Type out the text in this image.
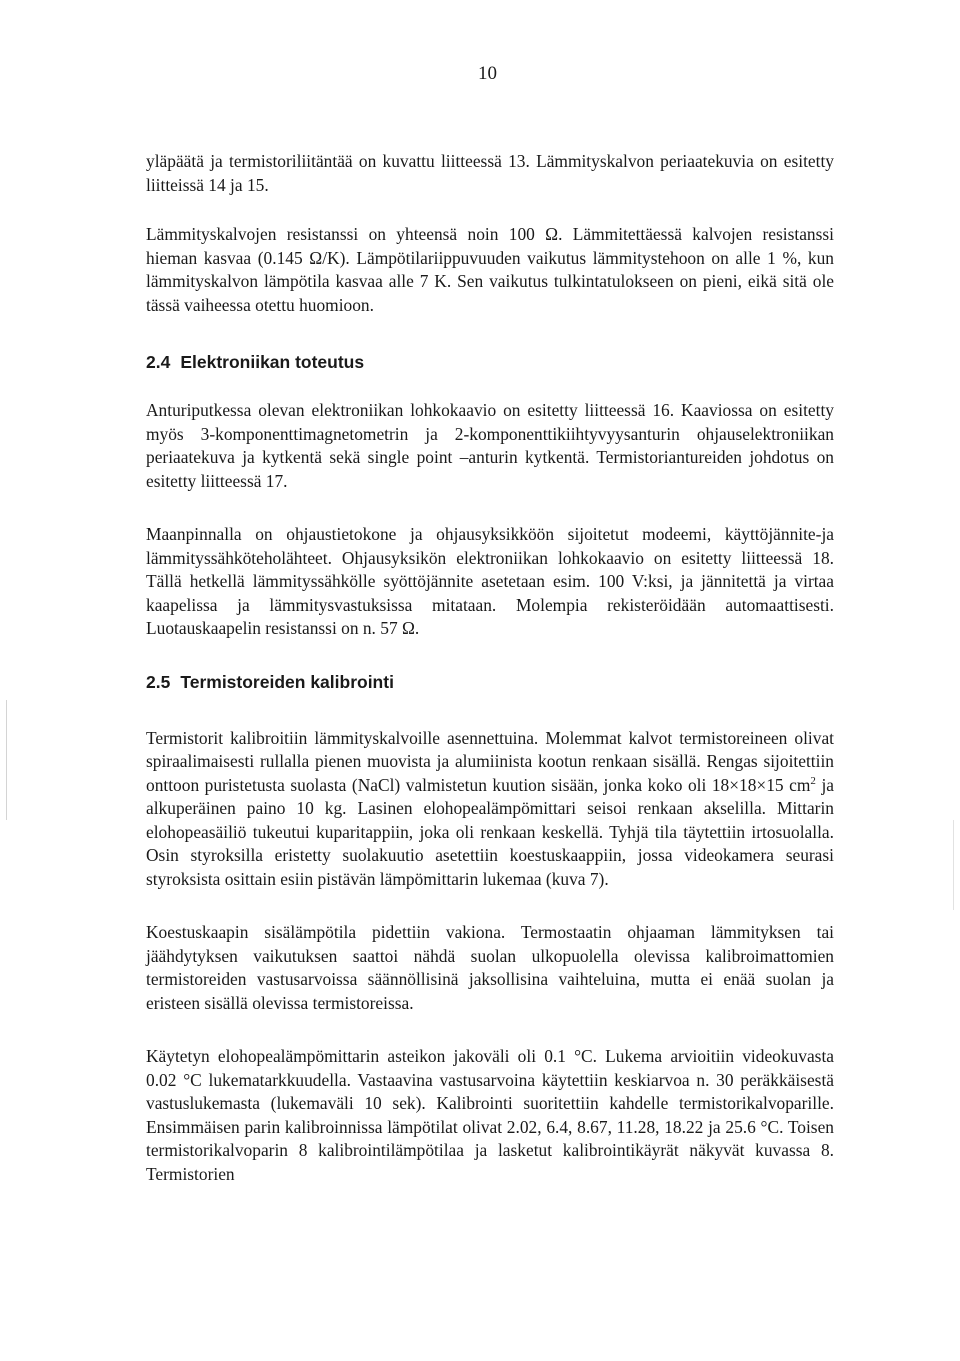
10

yläpäätä ja termistoriliitäntää on kuvattu liitteessä 13. Lämmityskalvon periaatekuvia on esitetty liitteissä 14 ja 15.

Lämmityskalvojen resistanssi on yhteensä noin 100 Ω. Lämmitettäessä kalvojen resistanssi hieman kasvaa (0.145 Ω/K). Lämpötilariippuvuuden vaikutus lämmitystehoon on alle 1 %, kun lämmityskalvon lämpötila kasvaa alle 7 K. Sen vaikutus tulkintatulokseen on pieni, eikä sitä ole tässä vaiheessa otettu huomioon.

2.4 Elektroniikan toteutus

Anturiputkessa olevan elektroniikan lohkokaavio on esitetty liitteessä 16. Kaaviossa on esitetty myös 3-komponenttimagnetometrin ja 2-komponenttikiihtyvyysanturin ohjauselektroniikan periaatekuva ja kytkentä sekä single point –anturin kytkentä. Termistoriantureiden johdotus on esitetty liitteessä 17.

Maanpinnalla on ohjaustietokone ja ohjausyksikköön sijoitetut modeemi, käyttöjännite-ja lämmityssähköteholähteet. Ohjausyksikön elektroniikan lohkokaavio on esitetty liitteessä 18. Tällä hetkellä lämmityssähkölle syöttöjännite asetetaan esim. 100 V:ksi, ja jännitettä ja virtaa kaapelissa ja lämmitysvastuksissa mitataan. Molempia rekisteröidään automaattisesti. Luotauskaapelin resistanssi on n. 57 Ω.

2.5 Termistoreiden kalibrointi

Termistorit kalibroitiin lämmityskalvoille asennettuina. Molemmat kalvot termistoreineen olivat spiraalimaisesti rullalla pienen muovista ja alumiinista kootun renkaan sisällä. Rengas sijoitettiin onttoon puristetusta suolasta (NaCl) valmistetun kuution sisään, jonka koko oli 18×18×15 $cm^2$ ja alkuperäinen paino 10 kg. Lasinen elohopealämpömittari seisoi renkaan akselilla. Mittarin elohopeasäiliö tukeutui kuparitappiin, joka oli renkaan keskellä. Tyhjä tila täytettiin irtosuolalla. Osin styroksilla eristetty suolakuutio asetettiin koestuskaappiin, jossa videokamera seurasi styroksista osittain esiin pistävän lämpömittarin lukemaa (kuva 7).

Koestuskaapin sisälämpötila pidettiin vakiona. Termostaatin ohjaaman lämmityksen tai jäähdytyksen vaikutuksen saattoi nähdä suolan ulkopuolella olevissa kalibroimattomien termistoreiden vastusarvoissa säännöllisinä jaksollisina vaihteluina, mutta ei enää suolan ja eristeen sisällä olevissa termistoreissa.

Käytetyn elohopealämpömittarin asteikon jakoväli oli 0.1 °C. Lukema arvioitiin videokuvasta 0.02 °C lukematarkkuudella. Vastaavina vastusarvoina käytettiin keskiarvoa n. 30 peräkkäisestä vastuslukemasta (lukemaväli 10 sek). Kalibrointi suoritettiin kahdelle termistorikalvoparille. Ensimmäisen parin kalibroinnissa lämpötilat olivat 2.02, 6.4, 8.67, 11.28, 18.22 ja 25.6 °C. Toisen termistorikalvoparin 8 kalibrointilämpötilaa ja lasketut kalibrointikäyrät näkyvät kuvassa 8. Termistorien
